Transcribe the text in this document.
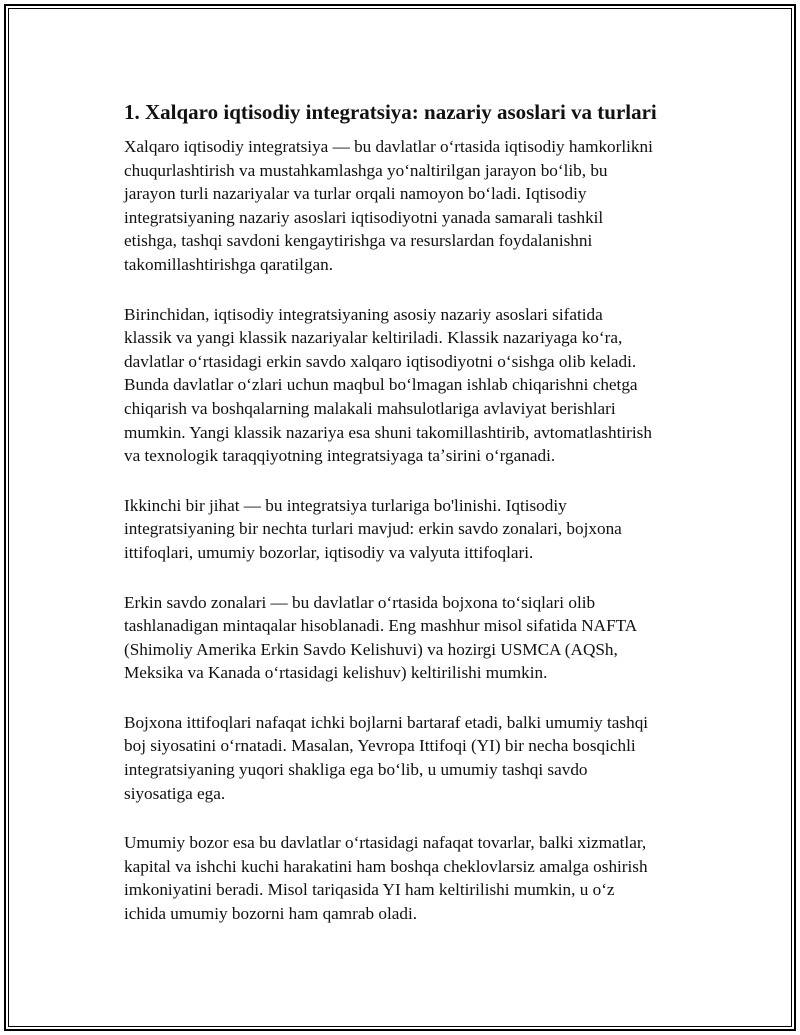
1. Xalqaro iqtisodiy integratsiya: nazariy asoslari va turlari

Xalqaro iqtisodiy integratsiya — bu davlatlar oʻrtasida iqtisodiy hamkorlikni
chuqurlashtirish va mustahkamlashga yoʻnaltirilgan jarayon boʻlib, bu
jarayon turli nazariyalar va turlar orqali namoyon boʻladi. Iqtisodiy
integratsiyaning nazariy asoslari iqtisodiyotni yanada samarali tashkil
etishga, tashqi savdoni kengaytirishga va resurslardan foydalanishni
takomillashtirishga qaratilgan.

Birinchidan, iqtisodiy integratsiyaning asosiy nazariy asoslari sifatida
klassik va yangi klassik nazariyalar keltiriladi. Klassik nazariyaga koʻra,
davlatlar oʻrtasidagi erkin savdo xalqaro iqtisodiyotni oʻsishga olib keladi.
Bunda davlatlar oʻzlari uchun maqbul boʻlmagan ishlab chiqarishni chetga
chiqarish va boshqalarning malakali mahsulotlariga avlaviyat berishlari
mumkin. Yangi klassik nazariya esa shuni takomillashtirib, avtomatlashtirish
va texnologik taraqqiyotning integratsiyaga taʼsirini oʻrganadi.

Ikkinchi bir jihat — bu integratsiya turlariga bo'linishi. Iqtisodiy
integratsiyaning bir nechta turlari mavjud: erkin savdo zonalari, bojxona
ittifoqlari, umumiy bozorlar, iqtisodiy va valyuta ittifoqlari.

Erkin savdo zonalari — bu davlatlar oʻrtasida bojxona toʻsiqlari olib
tashlanadigan mintaqalar hisoblanadi. Eng mashhur misol sifatida NAFTA
(Shimoliy Amerika Erkin Savdo Kelishuvi) va hozirgi USMCA (AQSh,
Meksika va Kanada oʻrtasidagi kelishuv) keltirilishi mumkin.

Bojxona ittifoqlari nafaqat ichki bojlarni bartaraf etadi, balki umumiy tashqi
boj siyosatini oʻrnatadi. Masalan, Yevropa Ittifoqi (YI) bir necha bosqichli
integratsiyaning yuqori shakliga ega boʻlib, u umumiy tashqi savdo
siyosatiga ega.

Umumiy bozor esa bu davlatlar oʻrtasidagi nafaqat tovarlar, balki xizmatlar,
kapital va ishchi kuchi harakatini ham boshqa cheklovlarsiz amalga oshirish
imkoniyatini beradi. Misol tariqasida YI ham keltirilishi mumkin, u oʻz
ichida umumiy bozorni ham qamrab oladi.
